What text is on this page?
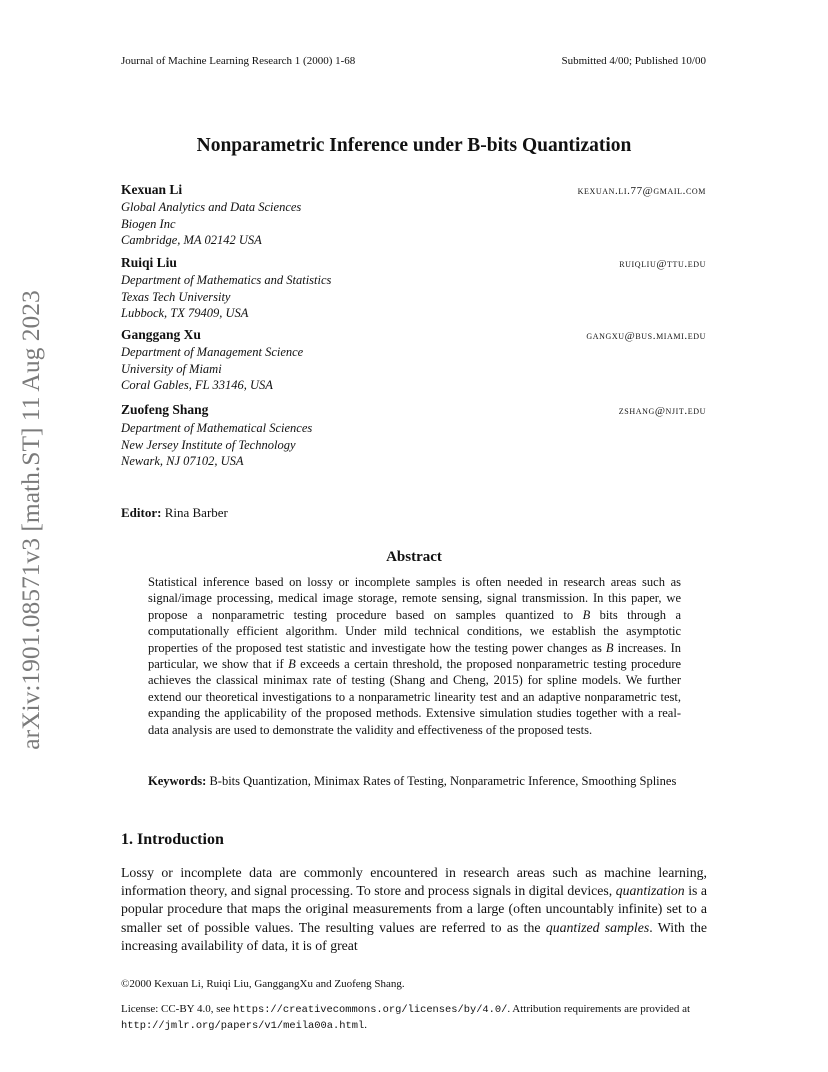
arXiv:1901.08571v3 [math.ST] 11 Aug 2023
Journal of Machine Learning Research 1 (2000) 1-68	Submitted 4/00; Published 10/00
Nonparametric Inference under B-bits Quantization
Kexuan Li	kexuan.li.77@gmail.com
Global Analytics and Data Sciences
Biogen Inc
Cambridge, MA 02142 USA
Ruiqi Liu	ruiqliu@ttu.edu
Department of Mathematics and Statistics
Texas Tech University
Lubbock, TX 79409, USA
Ganggang Xu	gangxu@bus.miami.edu
Department of Management Science
University of Miami
Coral Gables, FL 33146, USA
Zuofeng Shang	zshang@njit.edu
Department of Mathematical Sciences
New Jersey Institute of Technology
Newark, NJ 07102, USA
Editor: Rina Barber
Abstract
Statistical inference based on lossy or incomplete samples is often needed in research areas such as signal/image processing, medical image storage, remote sensing, signal transmission. In this paper, we propose a nonparametric testing procedure based on samples quantized to B bits through a computationally efficient algorithm. Under mild technical conditions, we establish the asymptotic properties of the proposed test statistic and investigate how the testing power changes as B increases. In particular, we show that if B exceeds a certain threshold, the proposed nonparametric testing procedure achieves the classical minimax rate of testing (Shang and Cheng, 2015) for spline models. We further extend our theoretical investigations to a nonparametric linearity test and an adaptive nonparametric test, expanding the applicability of the proposed methods. Extensive simulation studies together with a real-data analysis are used to demonstrate the validity and effectiveness of the proposed tests.
Keywords: B-bits Quantization, Minimax Rates of Testing, Nonparametric Inference, Smoothing Splines
1. Introduction
Lossy or incomplete data are commonly encountered in research areas such as machine learning, information theory, and signal processing. To store and process signals in digital devices, quantization is a popular procedure that maps the original measurements from a large (often uncountably infinite) set to a smaller set of possible values. The resulting values are referred to as the quantized samples. With the increasing availability of data, it is of great
©2000 Kexuan Li, Ruiqi Liu, GanggangXu and Zuofeng Shang.
License: CC-BY 4.0, see https://creativecommons.org/licenses/by/4.0/. Attribution requirements are provided at http://jmlr.org/papers/v1/meila00a.html.
